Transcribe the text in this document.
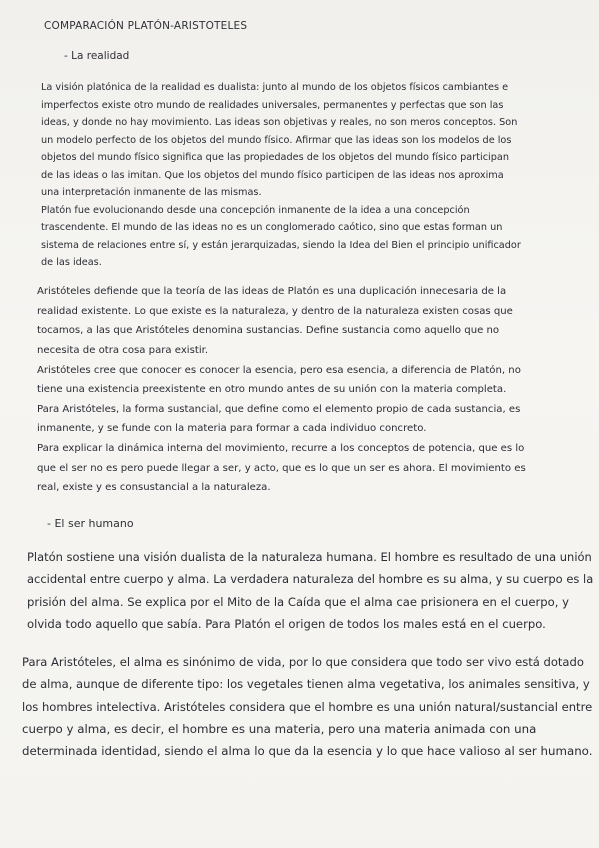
COMPARACIÓN PLATÓN-ARISTOTELES
- La realidad
La visión platónica de la realidad es dualista: junto al mundo de los objetos físicos cambiantes e
imperfectos existe otro mundo de realidades universales, permanentes y perfectas que son las
ideas, y donde no hay movimiento. Las ideas son objetivas y reales, no son meros conceptos. Son
un modelo perfecto de los objetos del mundo físico. Afirmar que las ideas son los modelos de los
objetos del mundo físico significa que las propiedades de los objetos del mundo físico participan
de las ideas o las imitan. Que los objetos del mundo físico participen de las ideas nos aproxima
una interpretación inmanente de las mismas.
Platón fue evolucionando desde una concepción inmanente de la idea a una concepción
trascendente. El mundo de las ideas no es un conglomerado caótico, sino que estas forman un
sistema de relaciones entre sí, y están jerarquizadas, siendo la Idea del Bien el principio unificador
de las ideas.
Aristóteles defiende que la teoría de las ideas de Platón es una duplicación innecesaria de la
realidad existente. Lo que existe es la naturaleza, y dentro de la naturaleza existen cosas que
tocamos, a las que Aristóteles denomina sustancias. Define sustancia como aquello que no
necesita de otra cosa para existir.
Aristóteles cree que conocer es conocer la esencia, pero esa esencia, a diferencia de Platón, no
tiene una existencia preexistente en otro mundo antes de su unión con la materia completa.
Para Aristóteles, la forma sustancial, que define como el elemento propio de cada sustancia, es
inmanente, y se funde con la materia para formar a cada individuo concreto.
Para explicar la dinámica interna del movimiento, recurre a los conceptos de potencia, que es lo
que el ser no es pero puede llegar a ser, y acto, que es lo que un ser es ahora. El movimiento es
real, existe y es consustancial a la naturaleza.
- El ser humano
Platón sostiene una visión dualista de la naturaleza humana. El hombre es resultado de una unión
accidental entre cuerpo y alma. La verdadera naturaleza del hombre es su alma, y su cuerpo es la
prisión del alma. Se explica por el Mito de la Caída que el alma cae prisionera en el cuerpo, y
olvida todo aquello que sabía. Para Platón el origen de todos los males está en el cuerpo.
Para Aristóteles, el alma es sinónimo de vida, por lo que considera que todo ser vivo está dotado
de alma, aunque de diferente tipo: los vegetales tienen alma vegetativa, los animales sensitiva, y
los hombres intelectiva. Aristóteles considera que el hombre es una unión natural/sustancial entre
cuerpo y alma, es decir, el hombre es una materia, pero una materia animada con una
determinada identidad, siendo el alma lo que da la esencia y lo que hace valioso al ser humano.
